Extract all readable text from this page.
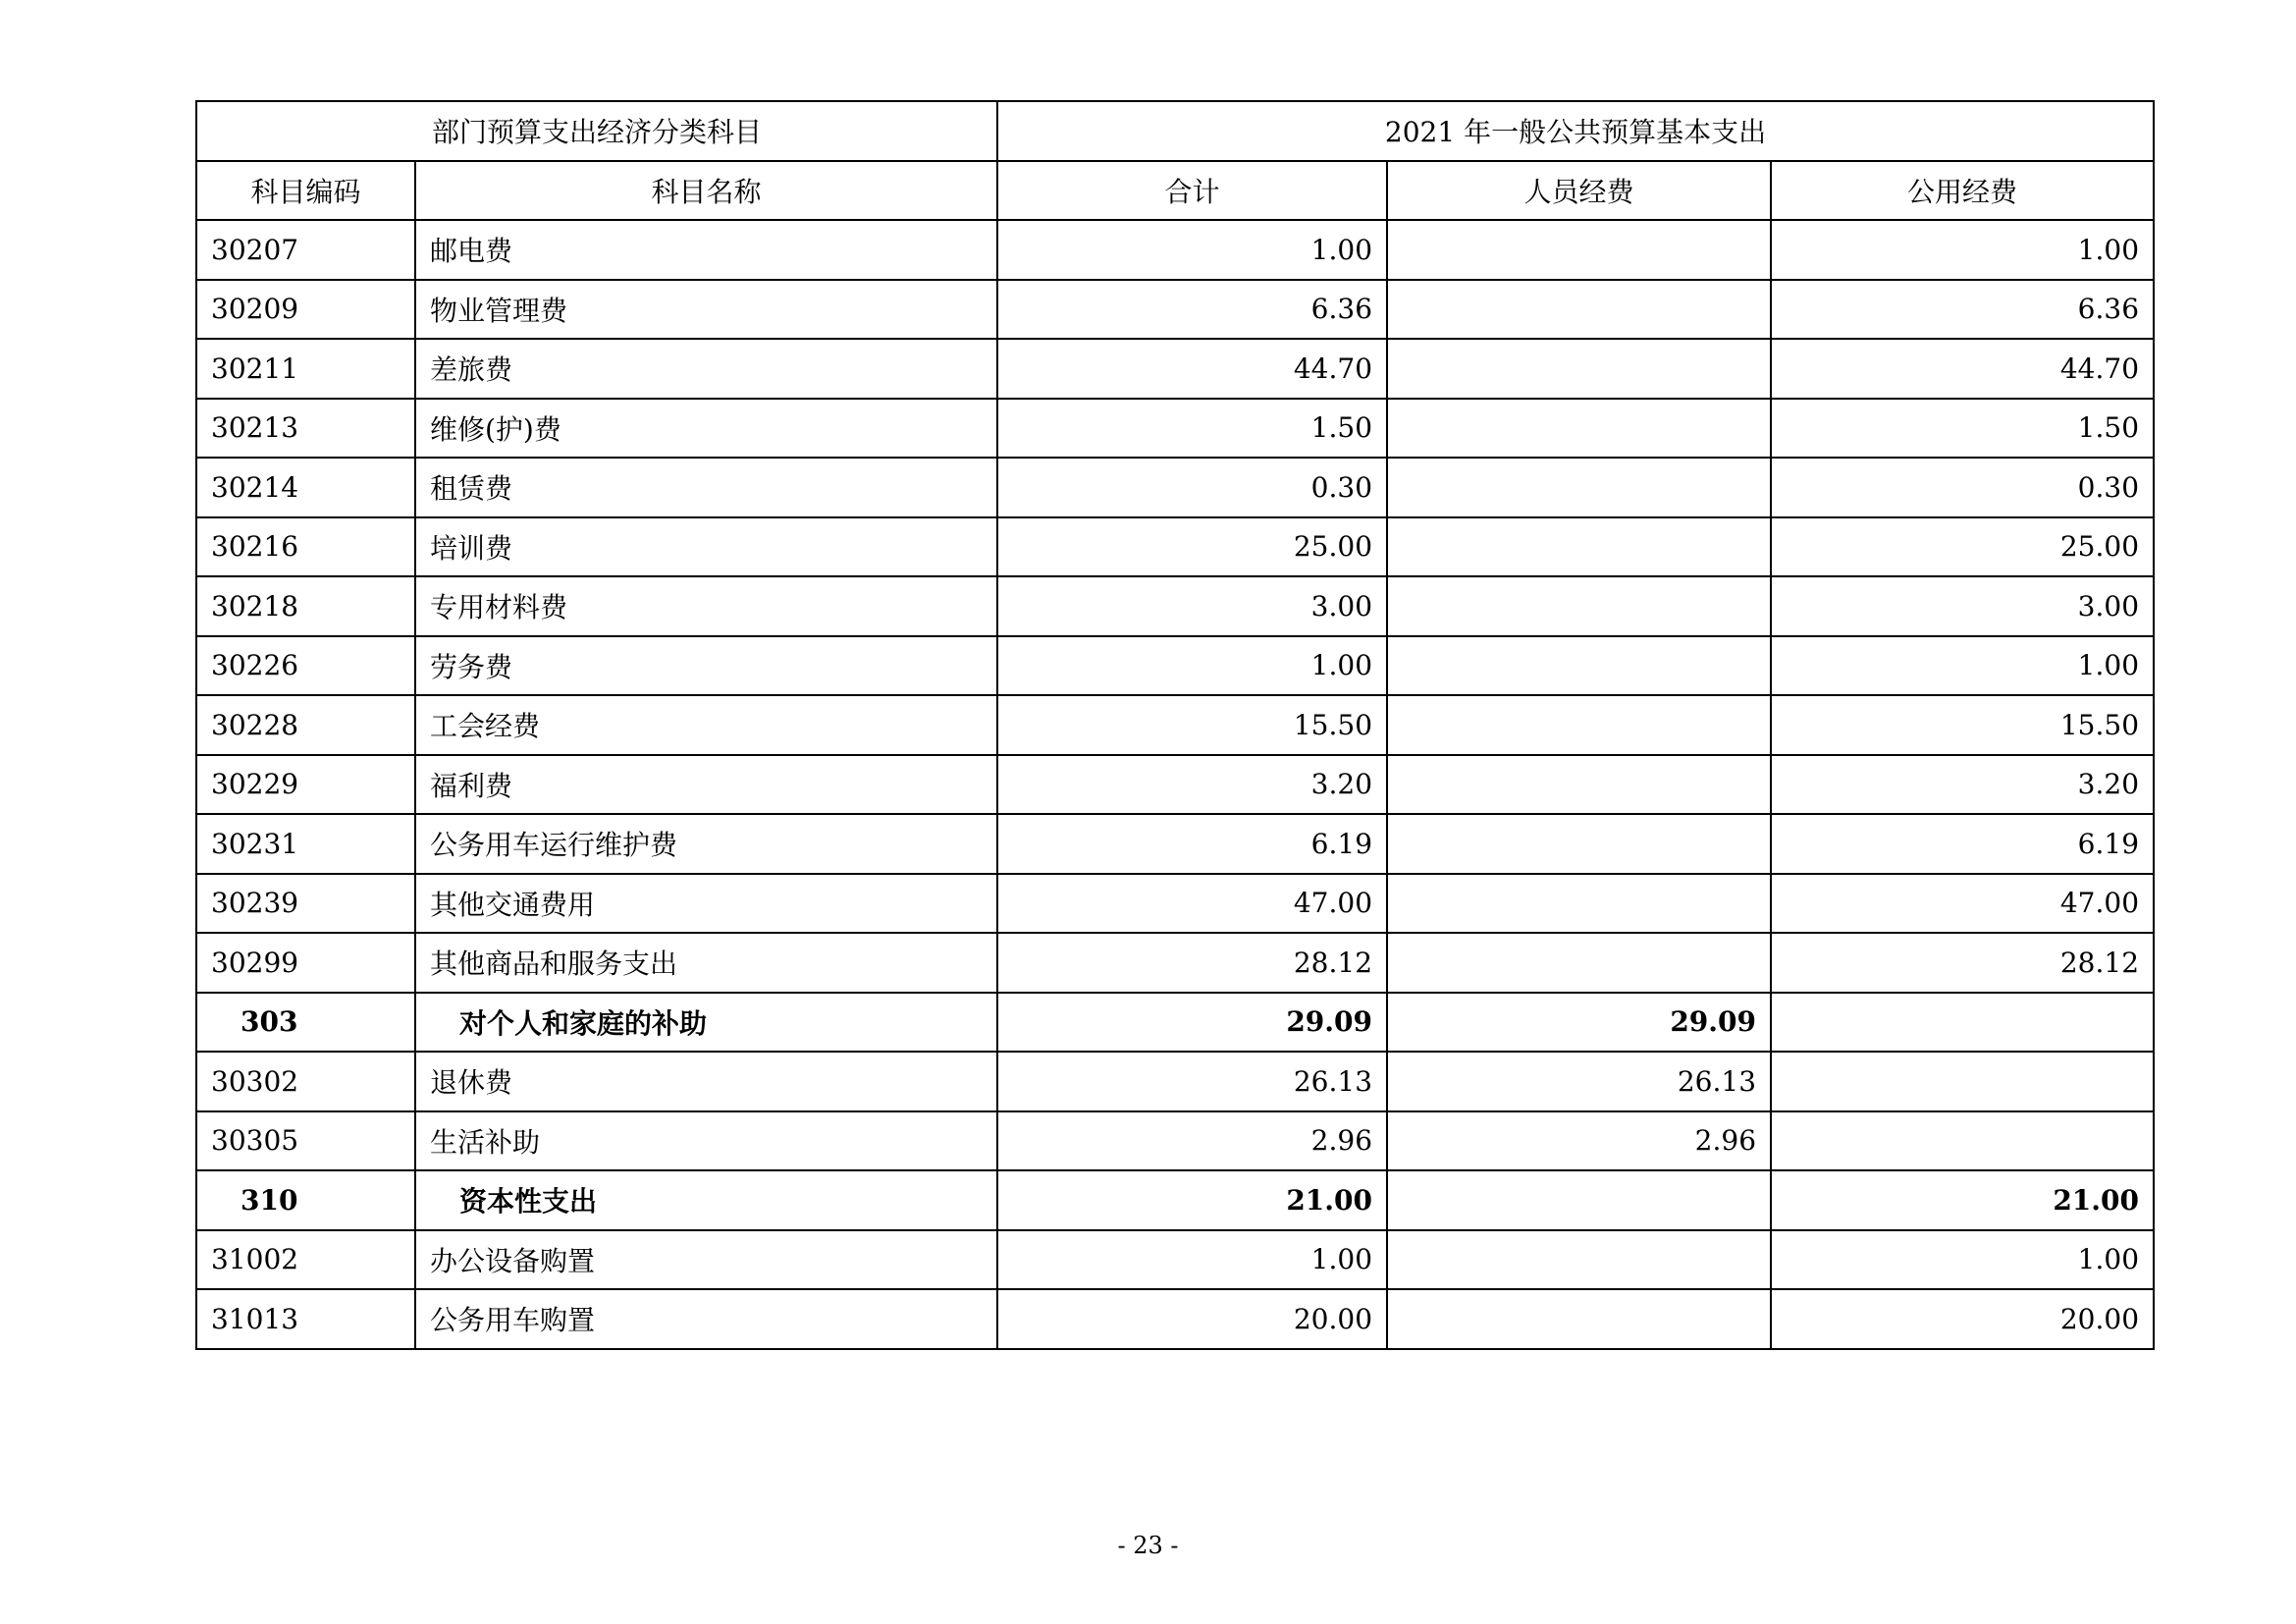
部门预算支出经济分类科目		2021 年一般公共预算基本支出		
科目编码	科目名称	合计	人员经费	公用经费
30207	邮电费	1.00		1.00
30209	物业管理费	6.36		6.36
30211	差旅费	44.70		44.70
30213	维修(护)费	1.50		1.50
30214	租赁费	0.30		0.30
30216	培训费	25.00		25.00
30218	专用材料费	3.00		3.00
30226	劳务费	1.00		1.00
30228	工会经费	15.50		15.50
30229	福利费	3.20		3.20
30231	公务用车运行维护费	6.19		6.19
30239	其他交通费用	47.00		47.00
30299	其他商品和服务支出	28.12		28.12
303	对个人和家庭的补助	29.09	29.09	
30302	退休费	26.13	26.13	
30305	生活补助	2.96	2.96	
310	资本性支出	21.00		21.00
31002	办公设备购置	1.00		1.00
31013	公务用车购置	20.00		20.00
- 23 -
